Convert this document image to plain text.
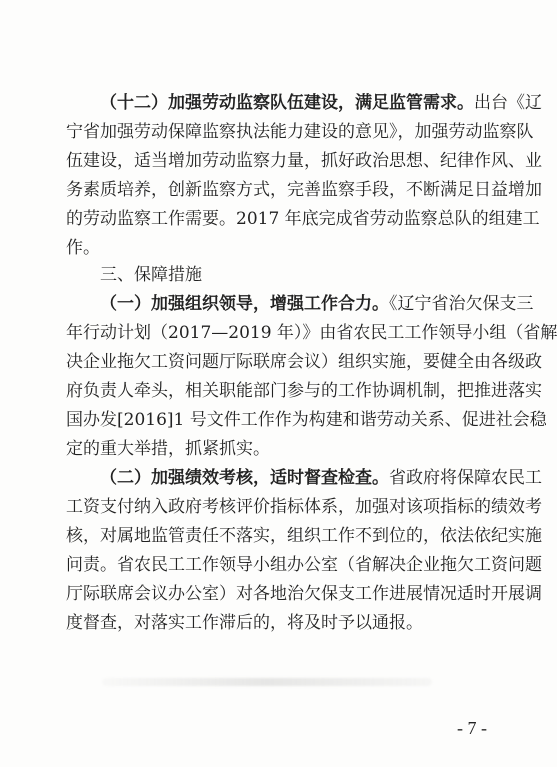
（十二）加强劳动监察队伍建设，满足监管需求。出台《辽
宁省加强劳动保障监察执法能力建设的意见》，加强劳动监察队
伍建设，适当增加劳动监察力量，抓好政治思想、纪律作风、业
务素质培养，创新监察方式，完善监察手段，不断满足日益增加
的劳动监察工作需要。2017 年底完成省劳动监察总队的组建工
作。
三、保障措施
（一）加强组织领导，增强工作合力。《辽宁省治欠保支三
年行动计划（2017—2019 年）》由省农民工工作领导小组（省解
决企业拖欠工资问题厅际联席会议）组织实施，要健全由各级政
府负责人牵头，相关职能部门参与的工作协调机制，把推进落实
国办发[2016]1 号文件工作作为构建和谐劳动关系、促进社会稳
定的重大举措，抓紧抓实。
（二）加强绩效考核，适时督查检查。省政府将保障农民工
工资支付纳入政府考核评价指标体系，加强对该项指标的绩效考
核，对属地监管责任不落实，组织工作不到位的，依法依纪实施
问责。省农民工工作领导小组办公室（省解决企业拖欠工资问题
厅际联席会议办公室）对各地治欠保支工作进展情况适时开展调
度督查，对落实工作滞后的，将及时予以通报。
- 7 -
